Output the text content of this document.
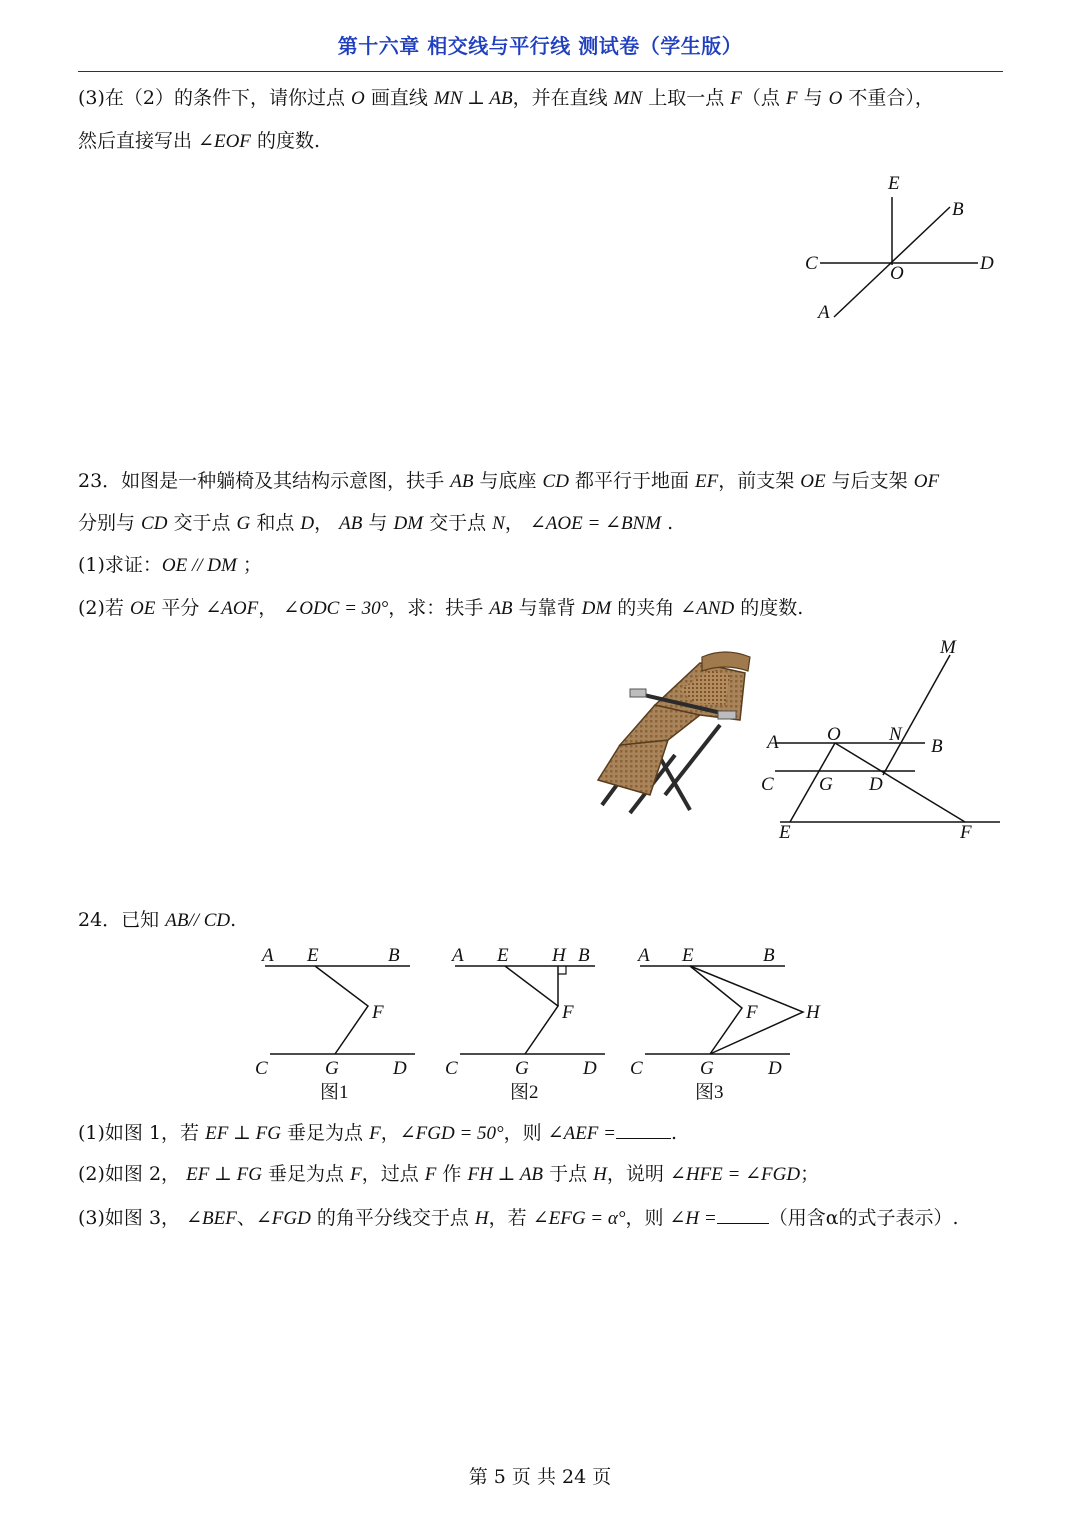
第十六章 相交线与平行线 测试卷（学生版）
(3)在（2）的条件下，请你过点 O 画直线 MN ⊥ AB，并在直线 MN 上取一点 F（点 F 与 O 不重合），
然后直接写出 ∠EOF 的度数.
E
B
C	O	D
A
23．如图是一种躺椅及其结构示意图，扶手 AB 与底座 CD 都平行于地面 EF，前支架 OE 与后支架 OF
分别与 CD 交于点 G 和点 D， AB 与 DM 交于点 N， ∠AOE = ∠BNM .
(1)求证：OE // DM ；
(2)若 OE 平分 ∠AOF， ∠ODC = 30°，求：扶手 AB 与靠背 DM 的夹角 ∠AND 的度数.
M
A	O	N
B
C G D
E	F
24．已知 AB// CD.
A E	B
F
C	G	D
图1
A E H B
F
C	G	D
图2
A E	B
F	H
C	G	D
图3
(1)如图 1，若 EF ⊥ FG 垂足为点 F，∠FGD = 50°，则 ∠AEF =	.
(2)如图 2， EF ⊥ FG 垂足为点 F，过点 F 作 FH ⊥ AB 于点 H，说明 ∠HFE = ∠FGD；
(3)如图 3， ∠BEF、∠FGD 的角平分线交于点 H，若 ∠EFG = α°，则 ∠H =	（用含α的式子表示）.
第 5 页 共 24 页
